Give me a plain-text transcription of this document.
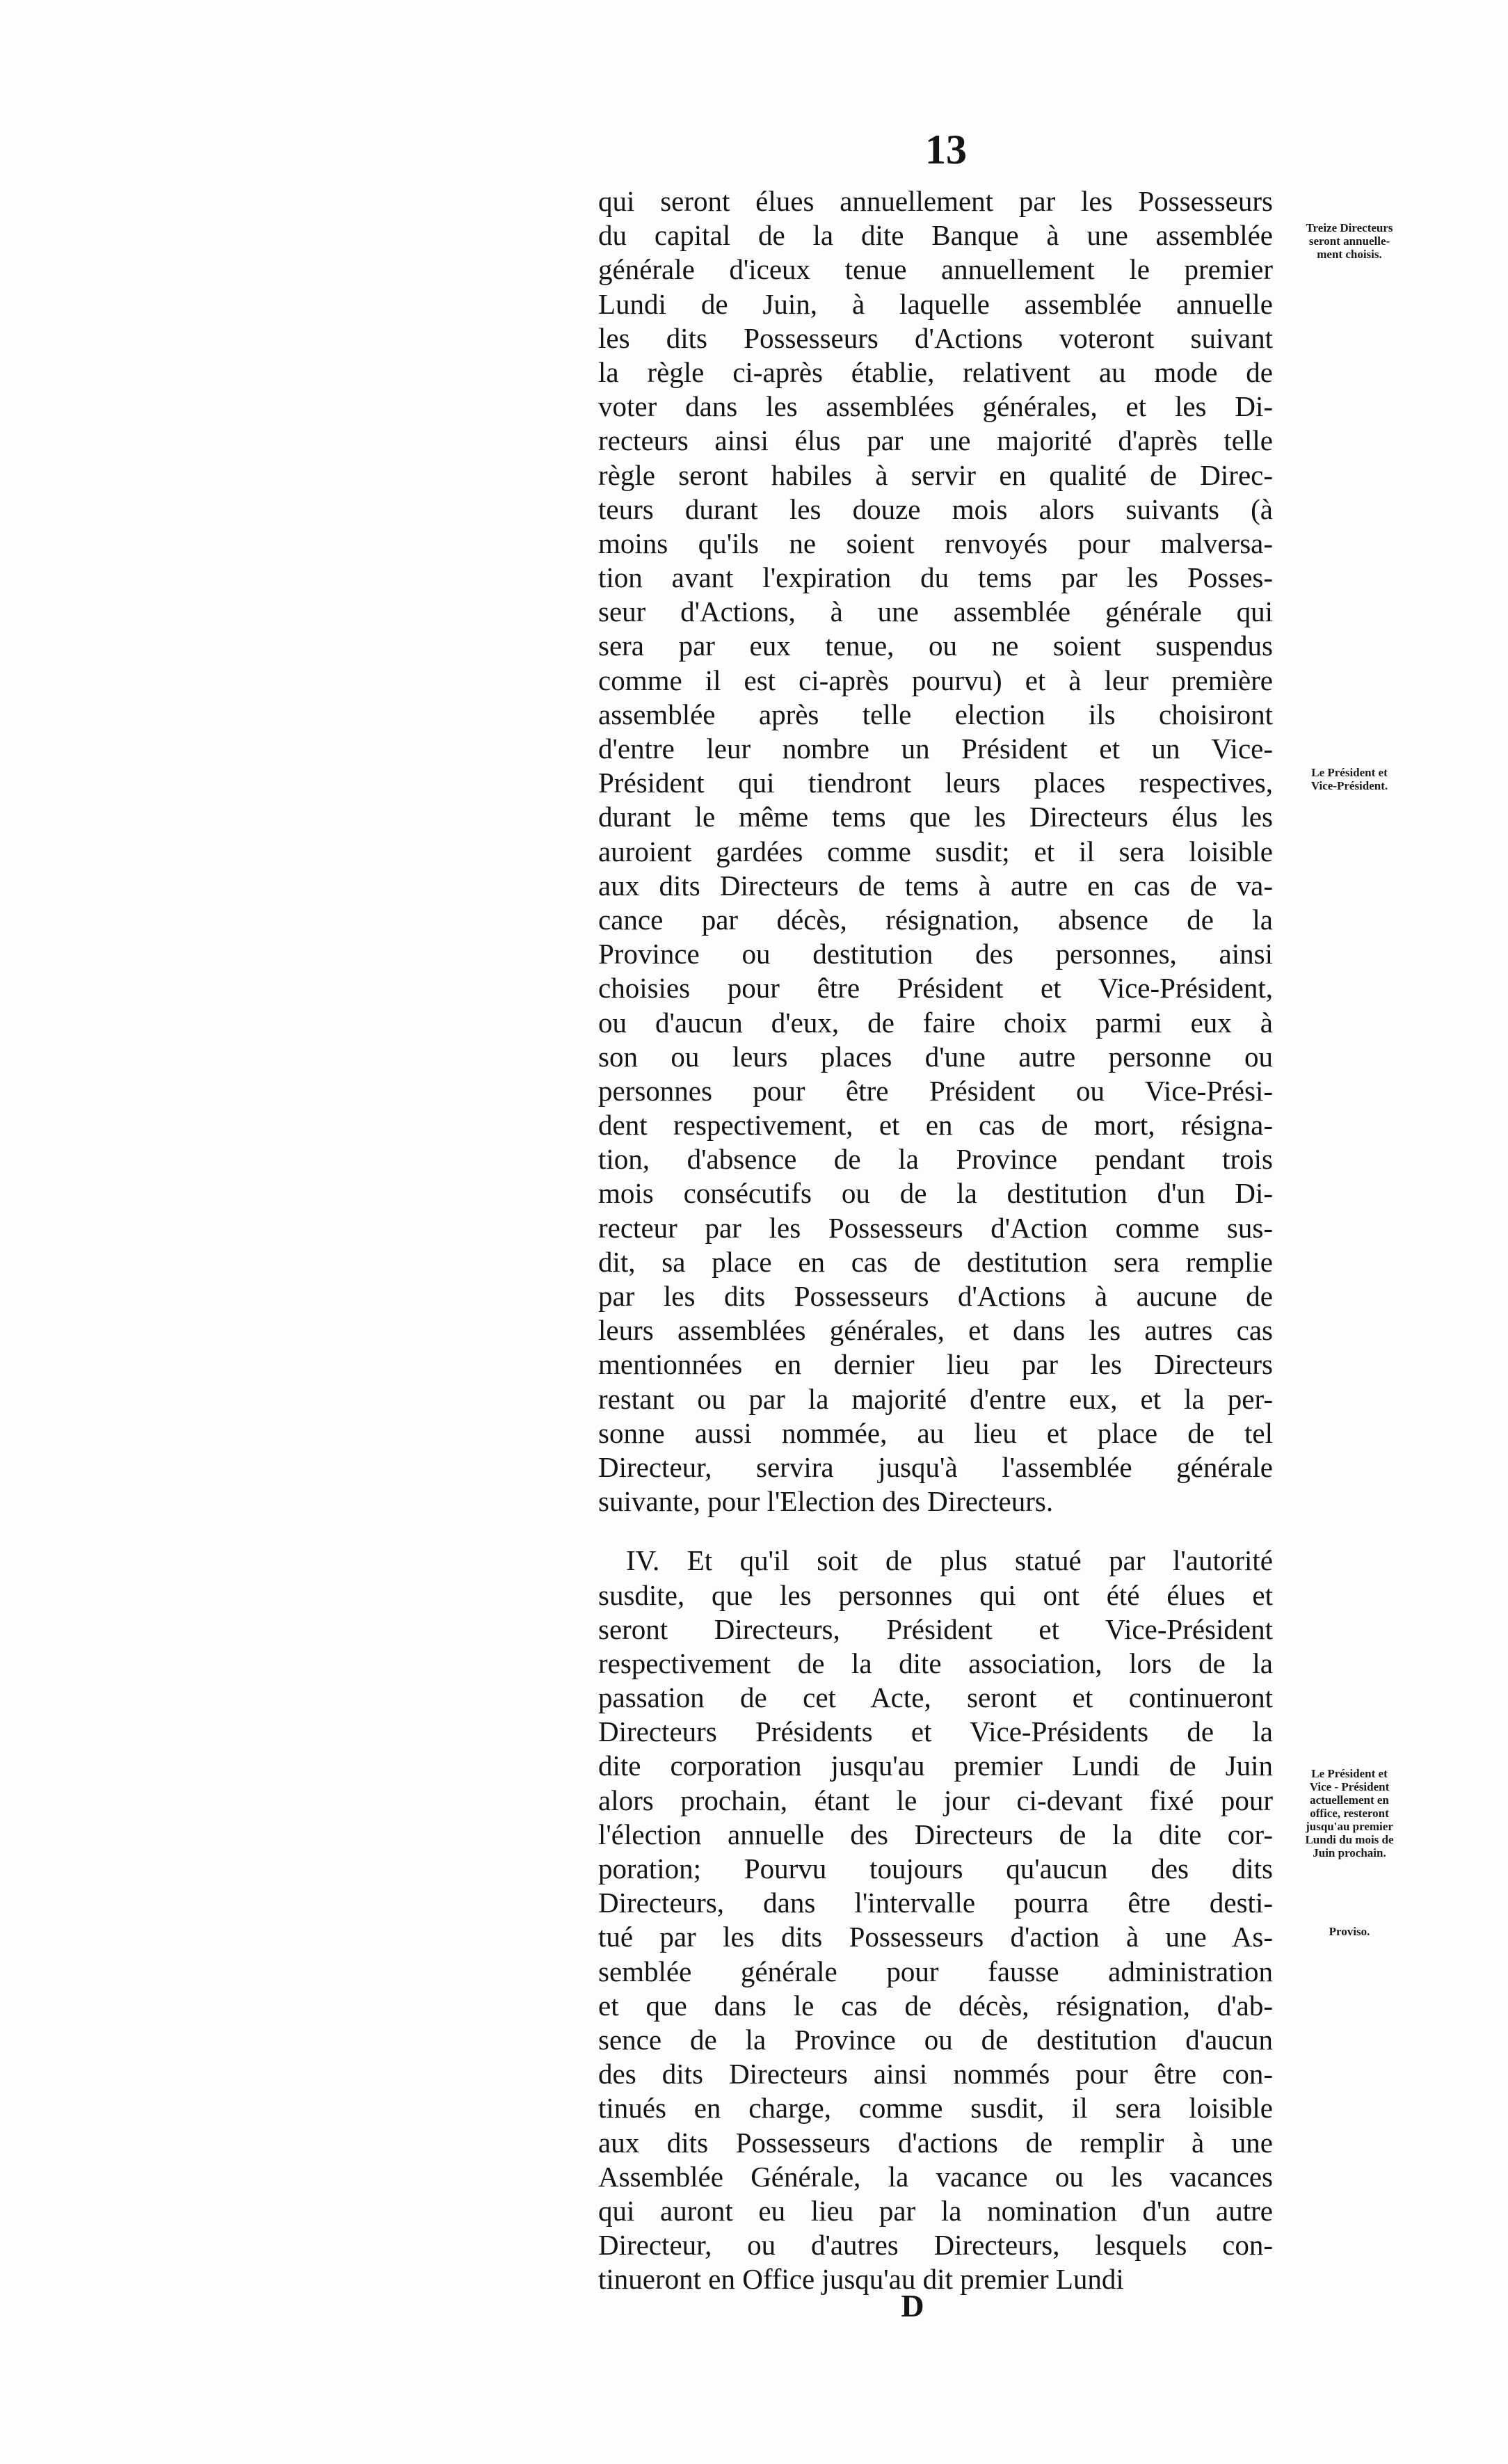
13
qui seront élues annuellement par les Possesseurs
du capital de la dite Banque à une assemblée
générale d'iceux tenue annuellement le premier
Lundi de Juin, à laquelle assemblée annuelle
les dits Possesseurs d'Actions voteront suivant
la règle ci-après établie, relativent au mode de
voter dans les assemblées générales, et les Di-
recteurs ainsi élus par une majorité d'après telle
règle seront habiles à servir en qualité de Direc-
teurs durant les douze mois alors suivants (à
moins qu'ils ne soient renvoyés pour malversa-
tion avant l'expiration du tems par les Posses-
seur d'Actions, à une assemblée générale qui
sera par eux tenue, ou ne soient suspendus
comme il est ci-après pourvu) et à leur première
assemblée après telle election ils choisiront
d'entre leur nombre un Président et un Vice-
Président qui tiendront leurs places respectives,
durant le même tems que les Directeurs élus les
auroient gardées comme susdit; et il sera loisible
aux dits Directeurs de tems à autre en cas de va-
cance par décès, résignation, absence de la
Province ou destitution des personnes, ainsi
choisies pour être Président et Vice-Président,
ou d'aucun d'eux, de faire choix parmi eux à
son ou leurs places d'une autre personne ou
personnes pour être Président ou Vice-Prési-
dent respectivement, et en cas de mort, résigna-
tion, d'absence de la Province pendant trois
mois consécutifs ou de la destitution d'un Di-
recteur par les Possesseurs d'Action comme sus-
dit, sa place en cas de destitution sera remplie
par les dits Possesseurs d'Actions à aucune de
leurs assemblées générales, et dans les autres cas
mentionnées en dernier lieu par les Directeurs
restant ou par la majorité d'entre eux, et la per-
sonne aussi nommée, au lieu et place de tel
Directeur, servira jusqu'à l'assemblée générale
suivante, pour l'Election des Directeurs.
IV. Et qu'il soit de plus statué par l'autorité
susdite, que les personnes qui ont été élues et
seront Directeurs, Président et Vice-Président
respectivement de la dite association, lors de la
passation de cet Acte, seront et continueront
Directeurs Présidents et Vice-Présidents de la
dite corporation jusqu'au premier Lundi de Juin
alors prochain, étant le jour ci-devant fixé pour
l'élection annuelle des Directeurs de la dite cor-
poration; Pourvu toujours qu'aucun des dits
Directeurs, dans l'intervalle pourra être desti-
tué par les dits Possesseurs d'action à une As-
semblée générale pour fausse administration
et que dans le cas de décès, résignation, d'ab-
sence de la Province ou de destitution d'aucun
des dits Directeurs ainsi nommés pour être con-
tinués en charge, comme susdit, il sera loisible
aux dits Possesseurs d'actions de remplir à une
Assemblée Générale, la vacance ou les vacances
qui auront eu lieu par la nomination d'un autre
Directeur, ou d'autres Directeurs, lesquels con-
tinueront en Office jusqu'au dit premier Lundi
Treize Directeurs
seront annuelle-
ment choisis.
Le Président et
Vice-Président.
Le Président et
Vice - Président
actuellement en
office, resteront
jusqu'au premier
Lundi du mois de
Juin prochain.
Proviso.
D
